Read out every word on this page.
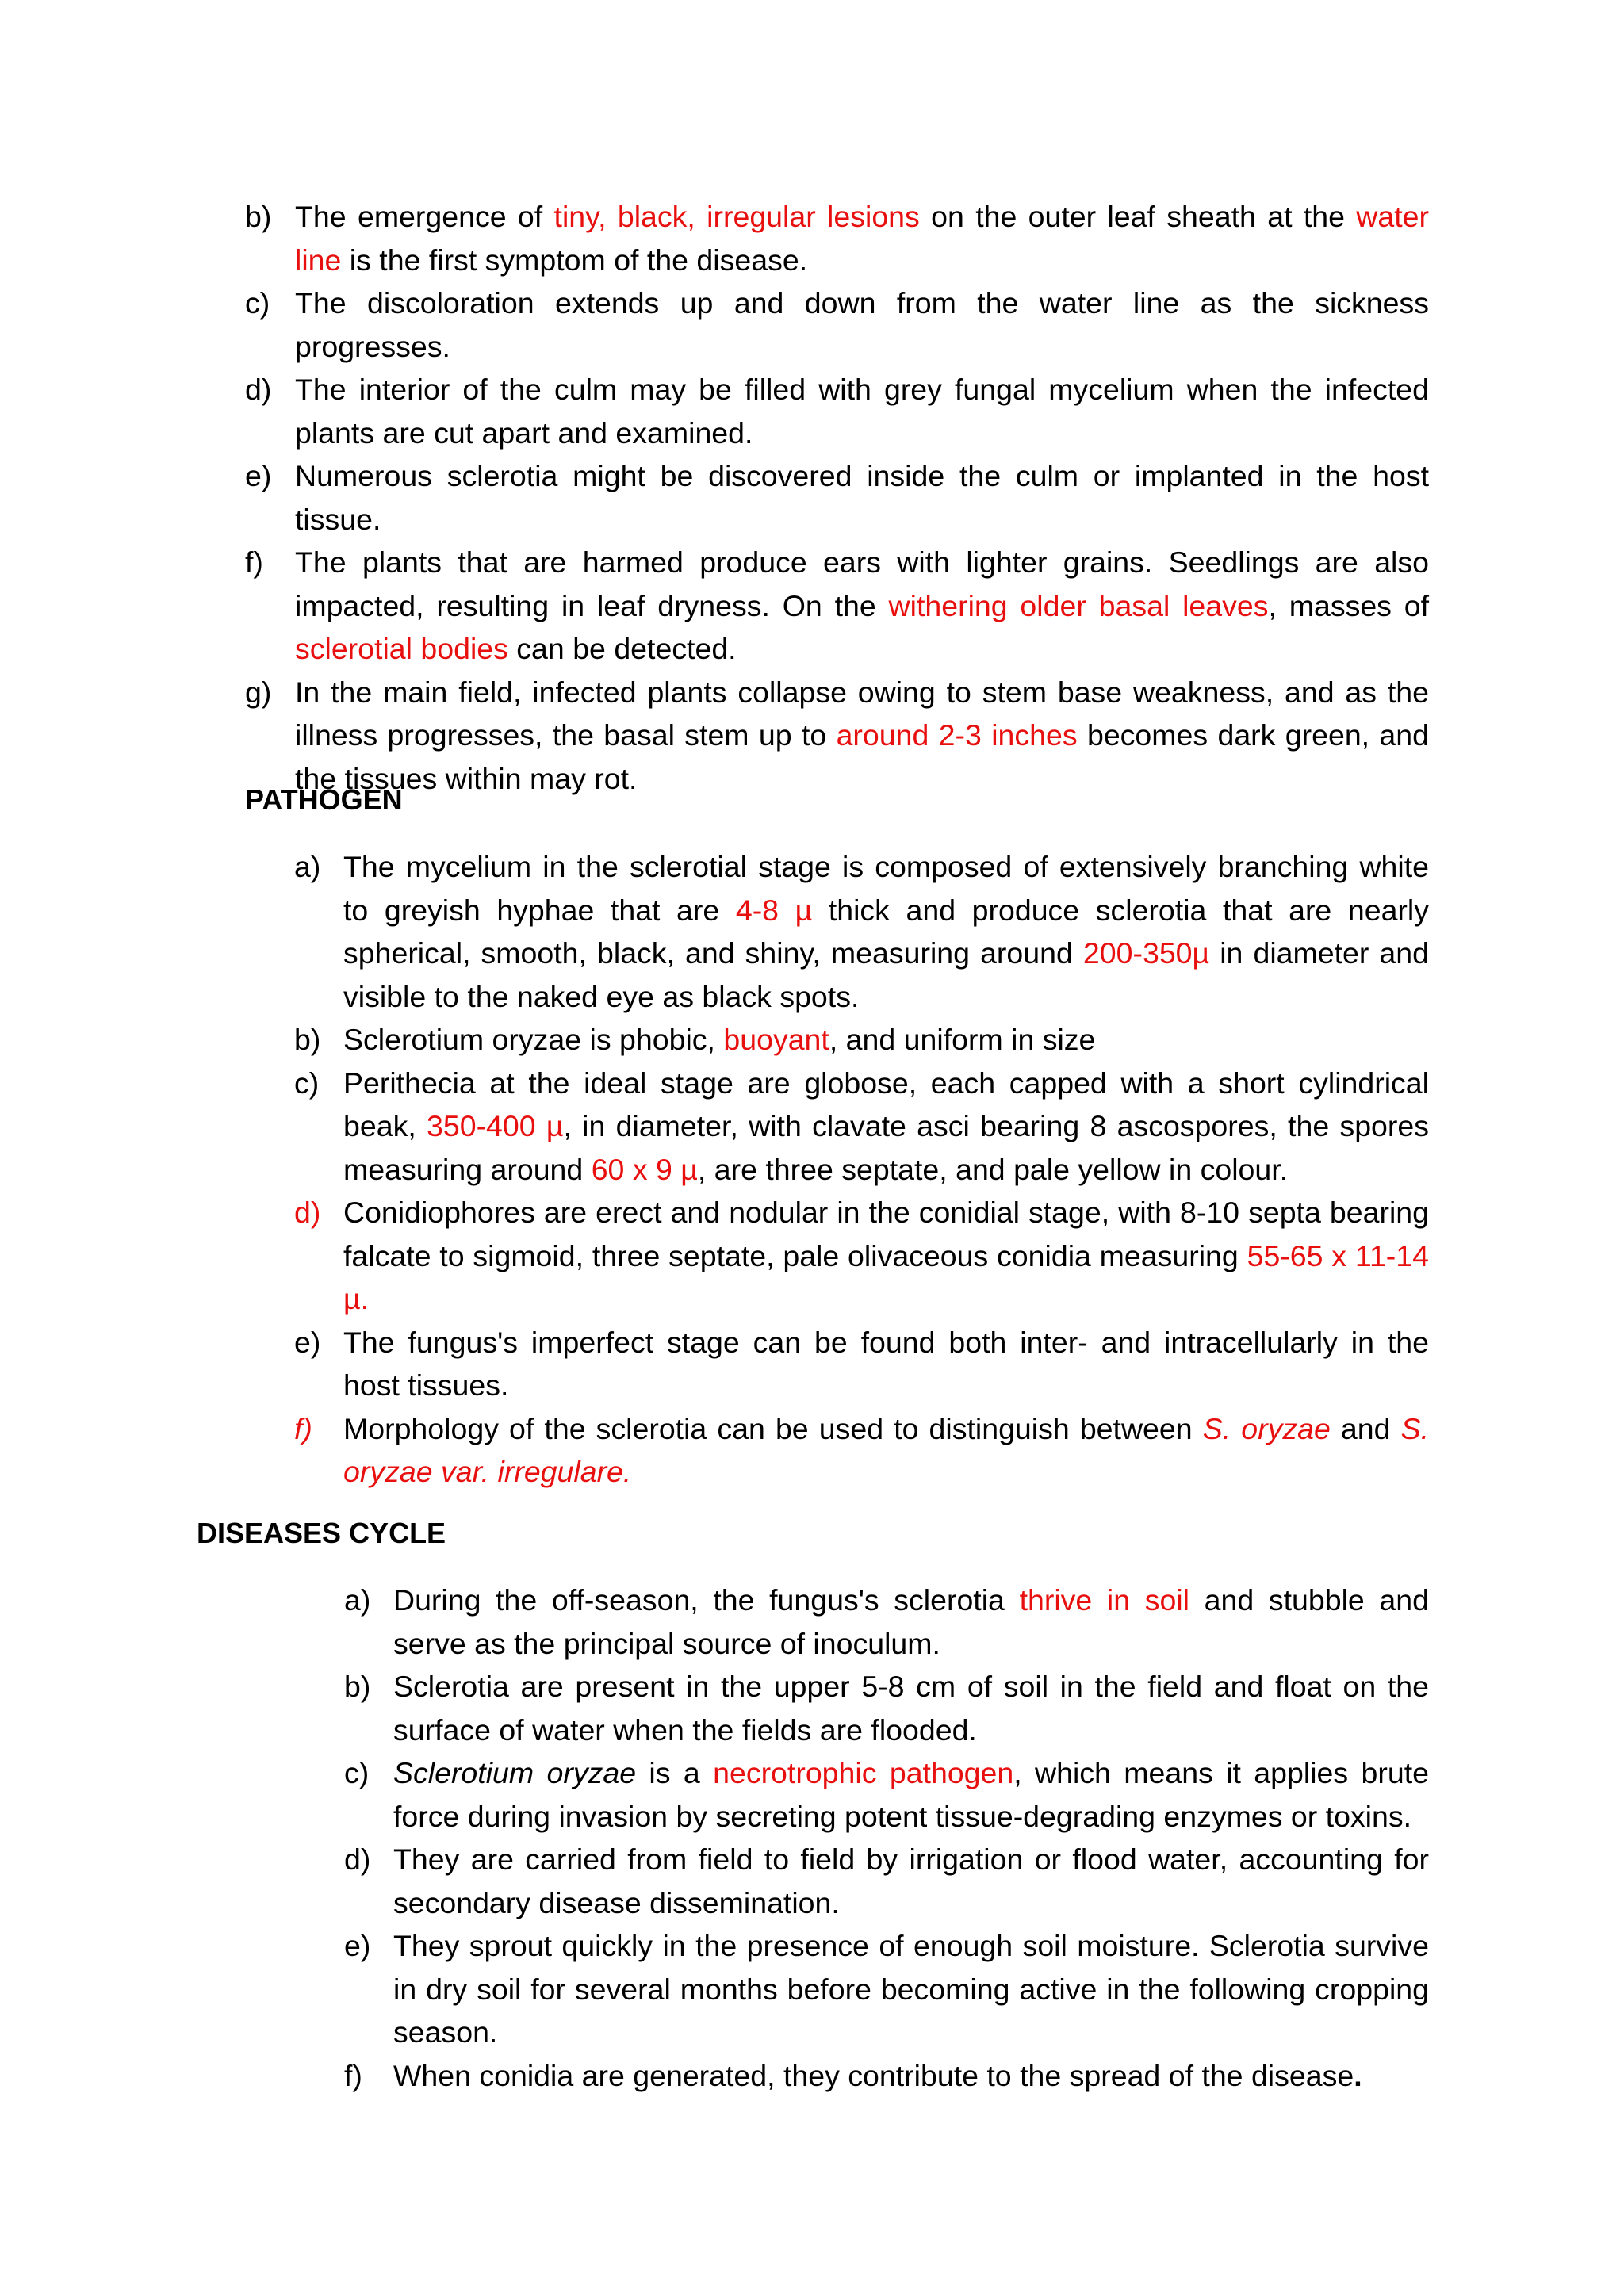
b) The emergence of tiny, black, irregular lesions on the outer leaf sheath at the water line is the first symptom of the disease.
c) The discoloration extends up and down from the water line as the sickness progresses.
d) The interior of the culm may be filled with grey fungal mycelium when the infected plants are cut apart and examined.
e) Numerous sclerotia might be discovered inside the culm or implanted in the host tissue.
f) The plants that are harmed produce ears with lighter grains. Seedlings are also impacted, resulting in leaf dryness. On the withering older basal leaves, masses of sclerotial bodies can be detected.
g) In the main field, infected plants collapse owing to stem base weakness, and as the illness progresses, the basal stem up to around 2-3 inches becomes dark green, and the tissues within may rot.
PATHOGEN
a) The mycelium in the sclerotial stage is composed of extensively branching white to greyish hyphae that are 4-8 µ thick and produce sclerotia that are nearly spherical, smooth, black, and shiny, measuring around 200-350µ in diameter and visible to the naked eye as black spots.
b) Sclerotium oryzae is phobic, buoyant, and uniform in size
c) Perithecia at the ideal stage are globose, each capped with a short cylindrical beak, 350-400 µ, in diameter, with clavate asci bearing 8 ascospores, the spores measuring around 60 x 9 µ, are three septate, and pale yellow in colour.
d) Conidiophores are erect and nodular in the conidial stage, with 8-10 septa bearing falcate to sigmoid, three septate, pale olivaceous conidia measuring 55-65 x 11-14 µ.
e) The fungus's imperfect stage can be found both inter- and intracellularly in the host tissues.
f) Morphology of the sclerotia can be used to distinguish between S. oryzae and S. oryzae var. irregulare.
DISEASES CYCLE
a) During the off-season, the fungus's sclerotia thrive in soil and stubble and serve as the principal source of inoculum.
b) Sclerotia are present in the upper 5-8 cm of soil in the field and float on the surface of water when the fields are flooded.
c) Sclerotium oryzae is a necrotrophic pathogen, which means it applies brute force during invasion by secreting potent tissue-degrading enzymes or toxins.
d) They are carried from field to field by irrigation or flood water, accounting for secondary disease dissemination.
e) They sprout quickly in the presence of enough soil moisture. Sclerotia survive in dry soil for several months before becoming active in the following cropping season.
f) When conidia are generated, they contribute to the spread of the disease.
